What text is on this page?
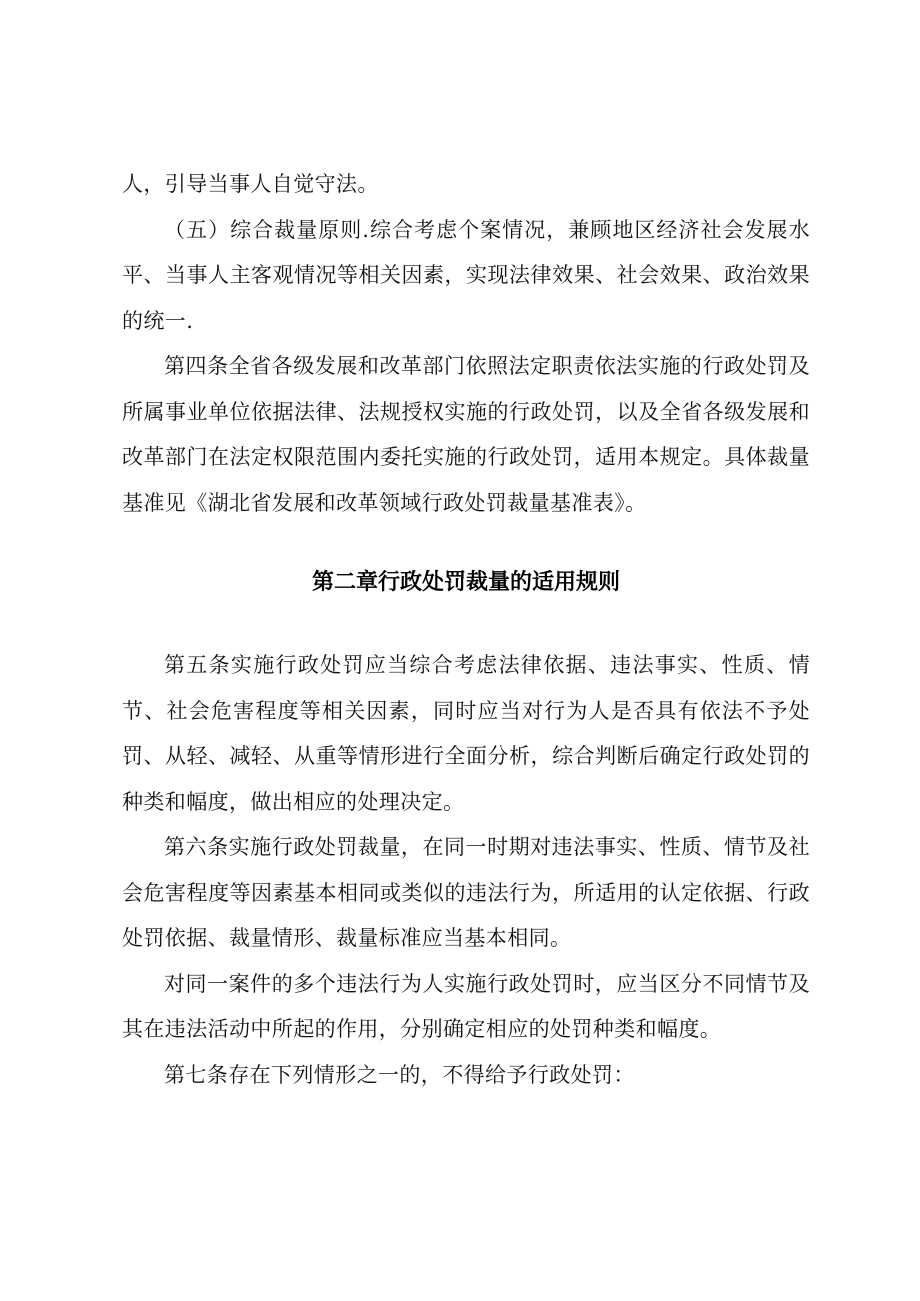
人，引导当事人自觉守法。

（五）综合裁量原则.综合考虑个案情况，兼顾地区经济社会发展水平、当事人主客观情况等相关因素，实现法律效果、社会效果、政治效果的统一.

第四条全省各级发展和改革部门依照法定职责依法实施的行政处罚及所属事业单位依据法律、法规授权实施的行政处罚，以及全省各级发展和改革部门在法定权限范围内委托实施的行政处罚，适用本规定。具体裁量基准见《湖北省发展和改革领域行政处罚裁量基准表》。

第二章行政处罚裁量的适用规则

第五条实施行政处罚应当综合考虑法律依据、违法事实、性质、情节、社会危害程度等相关因素，同时应当对行为人是否具有依法不予处罚、从轻、减轻、从重等情形进行全面分析，综合判断后确定行政处罚的种类和幅度，做出相应的处理决定。

第六条实施行政处罚裁量，在同一时期对违法事实、性质、情节及社会危害程度等因素基本相同或类似的违法行为，所适用的认定依据、行政处罚依据、裁量情形、裁量标准应当基本相同。

对同一案件的多个违法行为人实施行政处罚时，应当区分不同情节及其在违法活动中所起的作用，分别确定相应的处罚种类和幅度。

第七条存在下列情形之一的，不得给予行政处罚：
